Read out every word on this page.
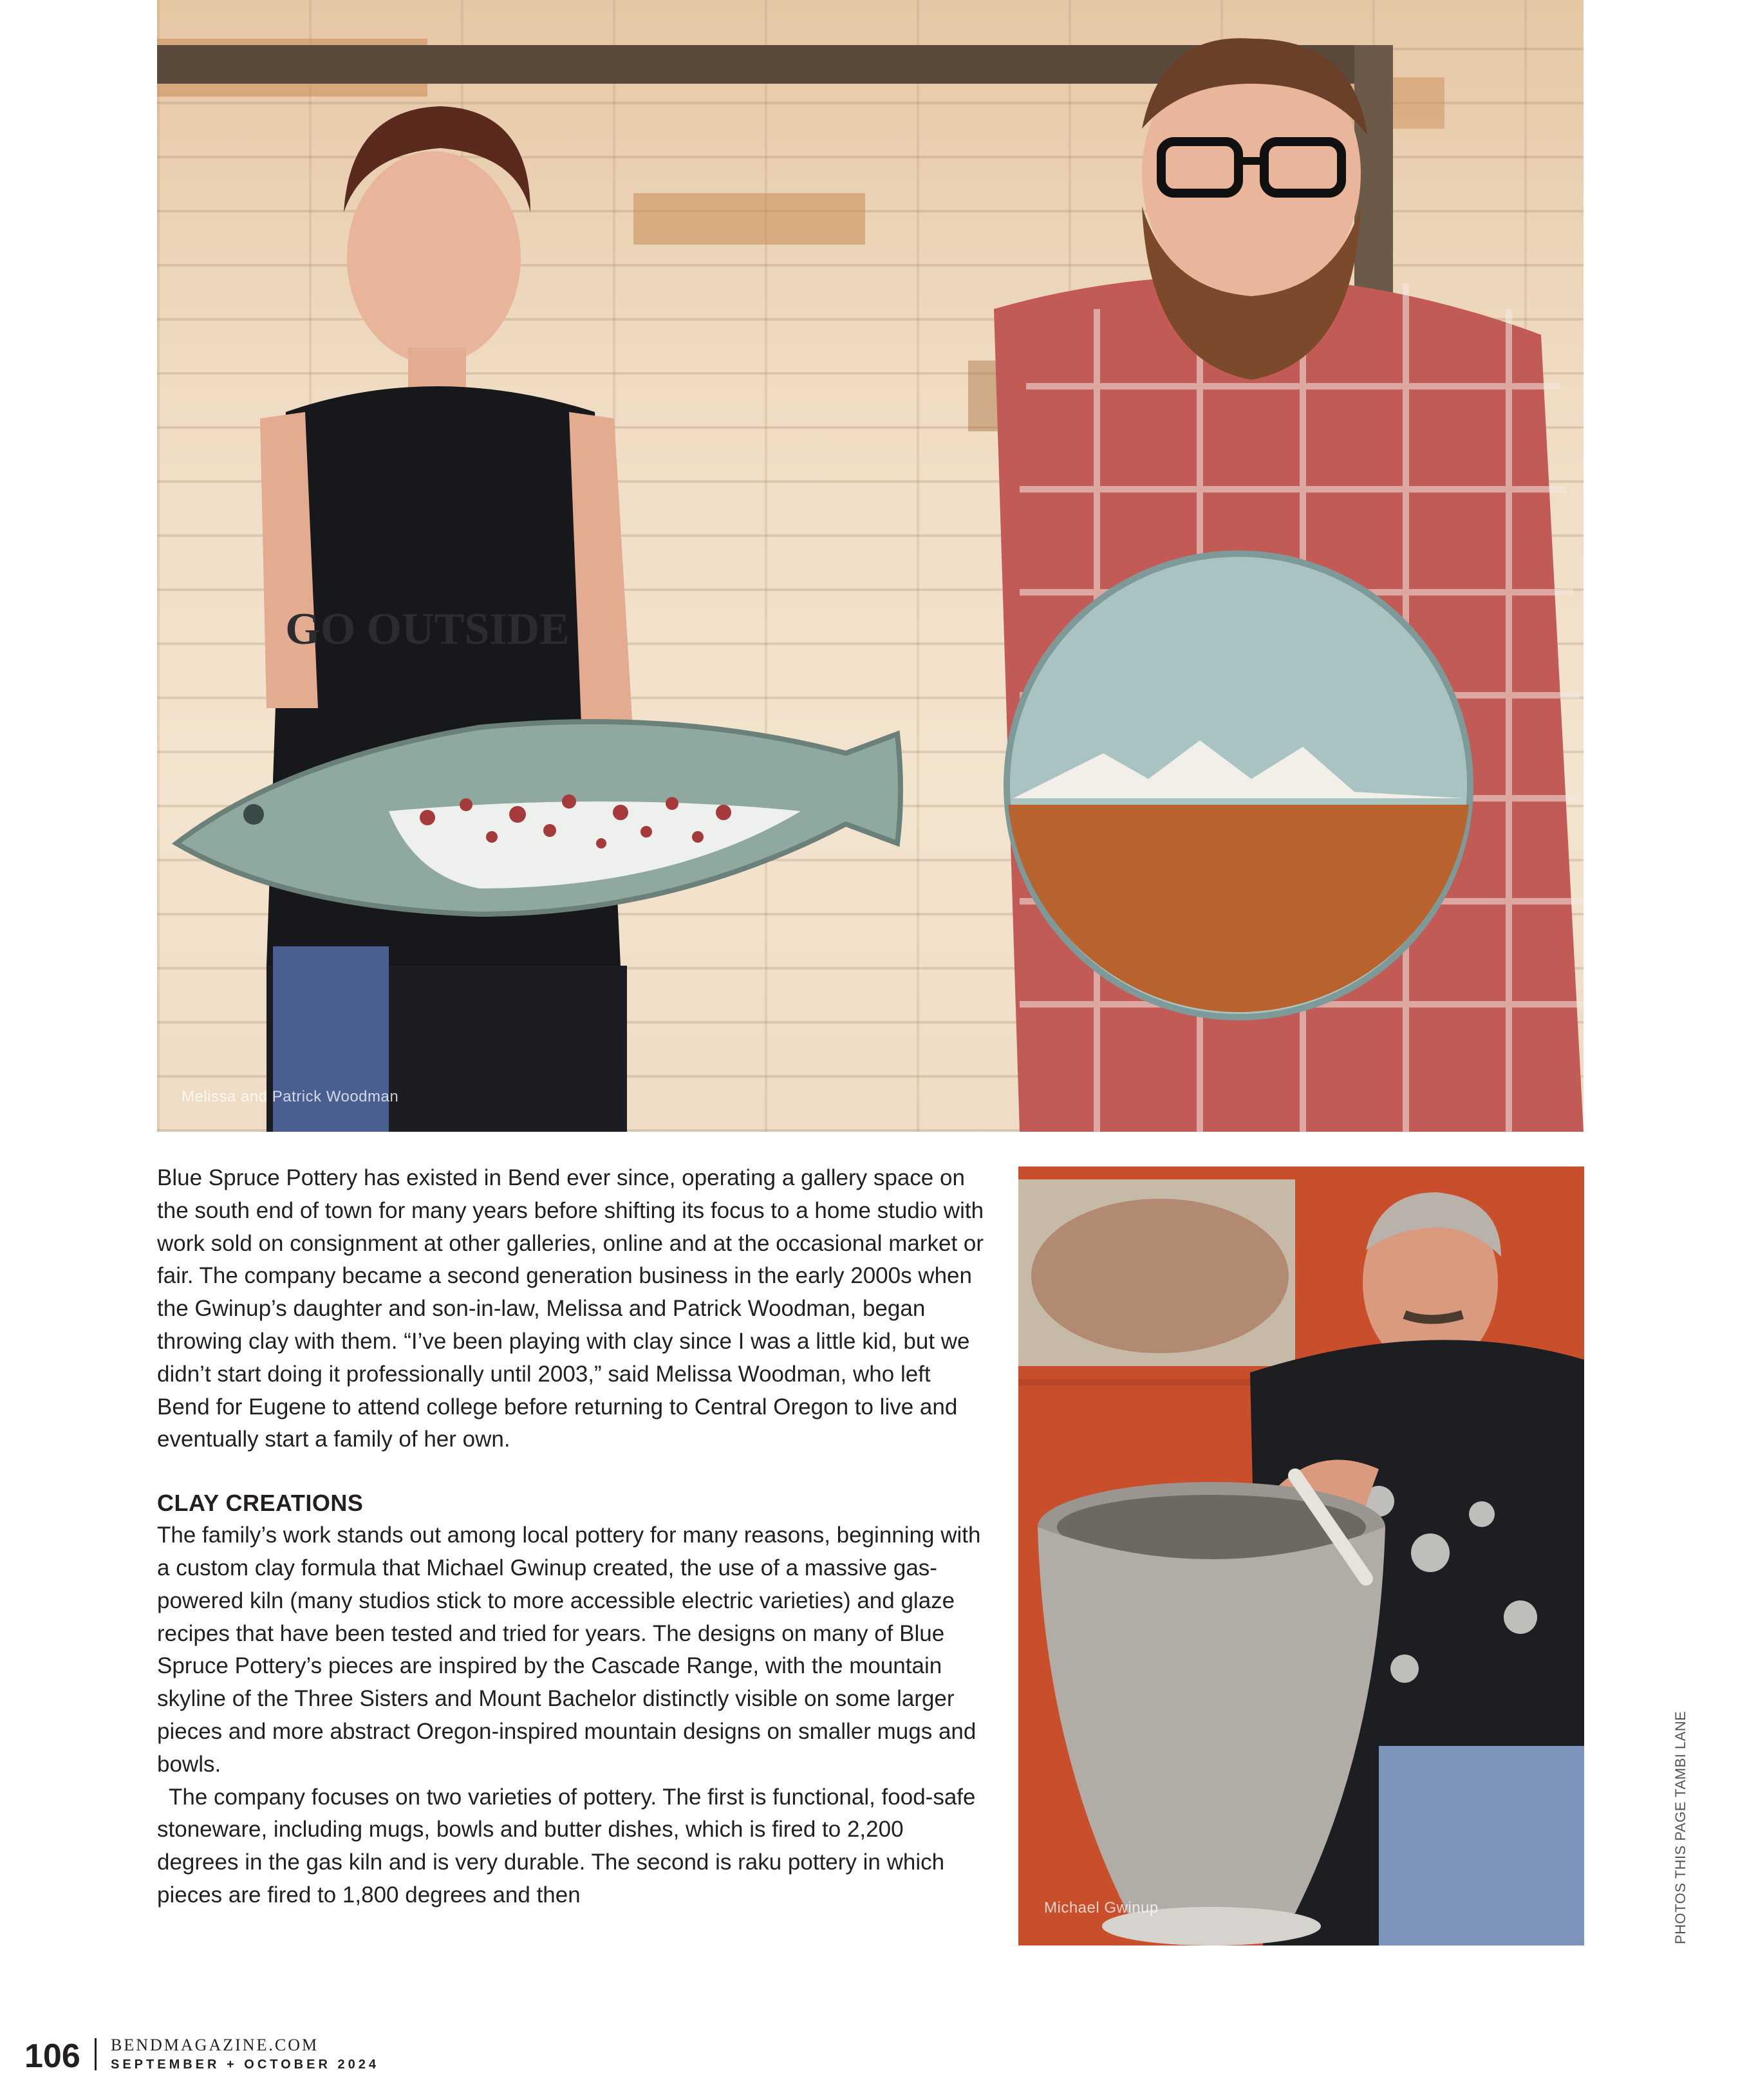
GO OUTSIDE
Melissa and Patrick Woodman

Blue Spruce Pottery has existed in Bend ever since, operating a gallery space on the south end of town for many years before shifting its focus to a home studio with work sold on consignment at other galleries, online and at the occasional market or fair. The company became a second generation business in the early 2000s when the Gwinup’s daughter and son-in-law, Melissa and Patrick Woodman, began throwing clay with them. “I’ve been playing with clay since I was a little kid, but we didn’t start doing it professionally until 2003,” said Melissa Woodman, who left Bend for Eugene to attend college before returning to Central Oregon to live and eventually start a family of her own.

CLAY CREATIONS

The family’s work stands out among local pottery for many reasons, beginning with a custom clay formula that Michael Gwinup created, the use of a massive gas-powered kiln (many studios stick to more accessible electric varieties) and glaze recipes that have been tested and tried for years. The designs on many of Blue Spruce Pottery’s pieces are inspired by the Cascade Range, with the mountain skyline of the Three Sisters and Mount Bachelor distinctly visible on some larger pieces and more abstract Oregon-inspired mountain designs on smaller mugs and bowls.

The company focuses on two varieties of pottery. The first is functional, food-safe stoneware, including mugs, bowls and butter dishes, which is fired to 2,200 degrees in the gas kiln and is very durable. The second is raku pottery in which pieces are fired to 1,800 degrees and then

Michael Gwinup	PHOTOS THIS PAGE TAMBI LANE
106 BENDMAGAZINE.COM
SEPTEMBER + OCTOBER 2024
